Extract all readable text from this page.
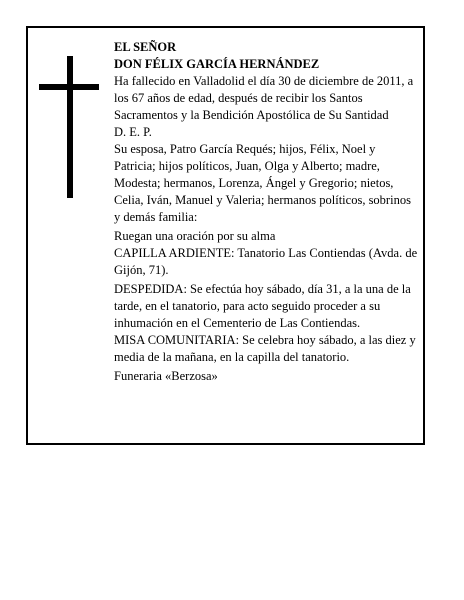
EL SEÑOR

DON FÉLIX GARCÍA HERNÁNDEZ

Ha fallecido en Valladolid el día 30 de diciembre de 2011, a los 67 años de edad, después de recibir los Santos Sacramentos y la Bendición Apostólica de Su Santidad

D. E. P.

Su esposa, Patro García Requés; hijos, Félix, Noel y Patricia; hijos políticos, Juan, Olga y Alberto; madre, Modesta; hermanos, Lorenza, Ángel y Gregorio; nietos, Celia, Iván, Manuel y Valeria; hermanos políticos, sobrinos y demás familia:

Ruegan una oración por su alma

CAPILLA ARDIENTE: Tanatorio Las Contiendas (Avda. de Gijón, 71).

DESPEDIDA: Se efectúa hoy sábado, día 31, a la una de la tarde, en el tanatorio, para acto seguido proceder a su inhumación en el Cementerio de Las Contiendas.

MISA COMUNITARIA: Se celebra hoy sábado, a las diez y media de la mañana, en la capilla del tanatorio.

Funeraria «Berzosa»
